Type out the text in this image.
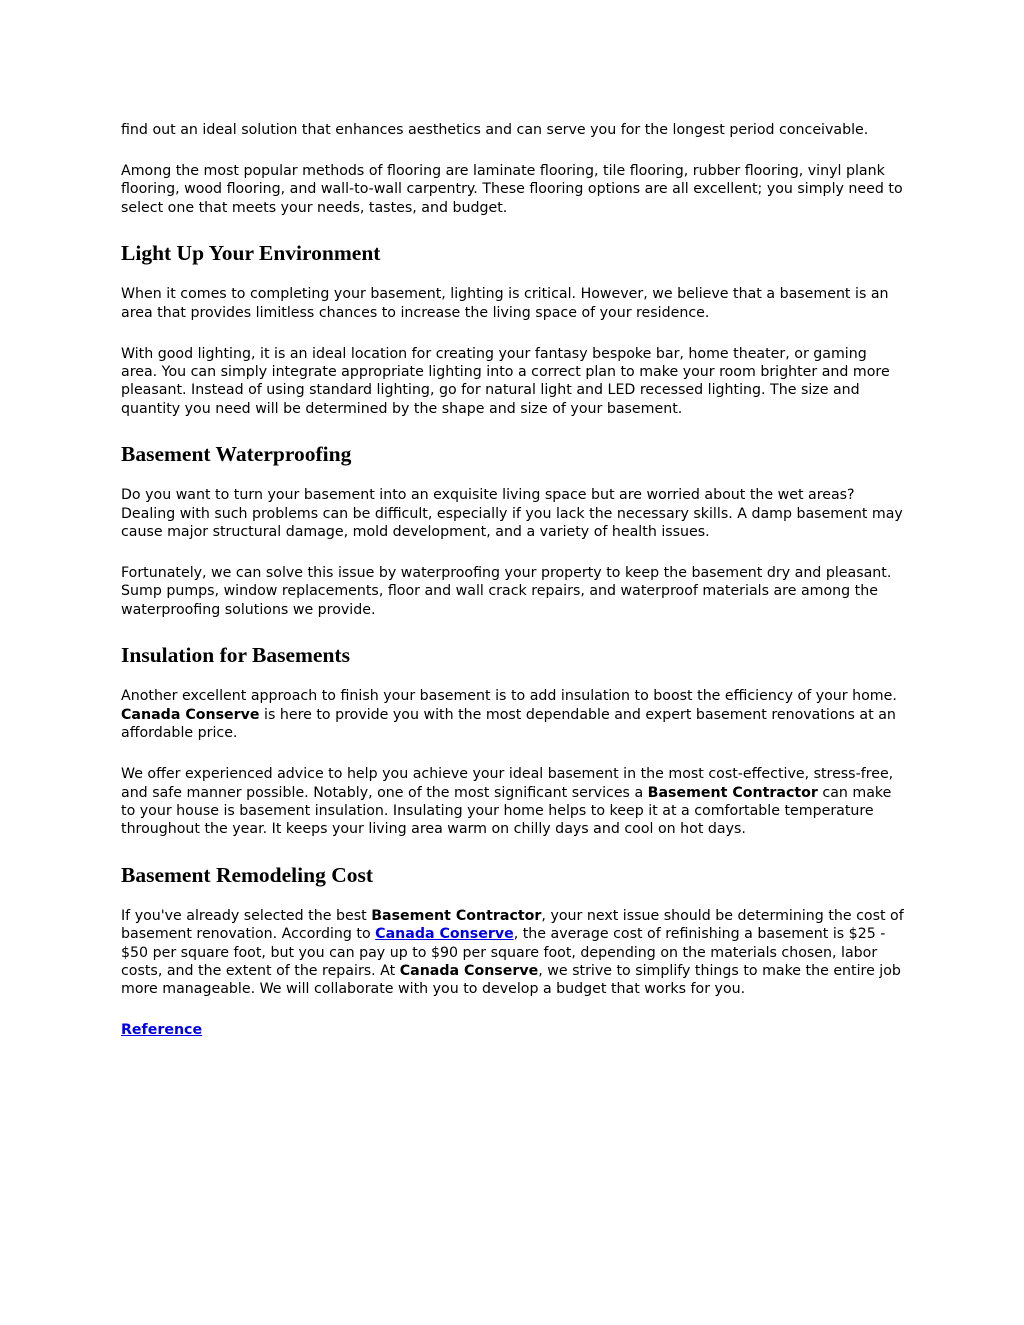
find out an ideal solution that enhances aesthetics and can serve you for the longest period conceivable.

Among the most popular methods of flooring are laminate flooring, tile flooring, rubber flooring, vinyl plank flooring, wood flooring, and wall-to-wall carpentry. These flooring options are all excellent; you simply need to select one that meets your needs, tastes, and budget.

Light Up Your Environment

When it comes to completing your basement, lighting is critical. However, we believe that a basement is an area that provides limitless chances to increase the living space of your residence.

With good lighting, it is an ideal location for creating your fantasy bespoke bar, home theater, or gaming area. You can simply integrate appropriate lighting into a correct plan to make your room brighter and more pleasant. Instead of using standard lighting, go for natural light and LED recessed lighting. The size and quantity you need will be determined by the shape and size of your basement.

Basement Waterproofing

Do you want to turn your basement into an exquisite living space but are worried about the wet areas? Dealing with such problems can be difficult, especially if you lack the necessary skills. A damp basement may cause major structural damage, mold development, and a variety of health issues.

Fortunately, we can solve this issue by waterproofing your property to keep the basement dry and pleasant. Sump pumps, window replacements, floor and wall crack repairs, and waterproof materials are among the waterproofing solutions we provide.

Insulation for Basements

Another excellent approach to finish your basement is to add insulation to boost the efficiency of your home. Canada Conserve is here to provide you with the most dependable and expert basement renovations at an affordable price.

We offer experienced advice to help you achieve your ideal basement in the most cost-effective, stress-free, and safe manner possible. Notably, one of the most significant services a Basement Contractor can make to your house is basement insulation. Insulating your home helps to keep it at a comfortable temperature throughout the year. It keeps your living area warm on chilly days and cool on hot days.

Basement Remodeling Cost

If you've already selected the best Basement Contractor, your next issue should be determining the cost of basement renovation. According to Canada Conserve, the average cost of refinishing a basement is $25 - $50 per square foot, but you can pay up to $90 per square foot, depending on the materials chosen, labor costs, and the extent of the repairs. At Canada Conserve, we strive to simplify things to make the entire job more manageable. We will collaborate with you to develop a budget that works for you.

Reference
